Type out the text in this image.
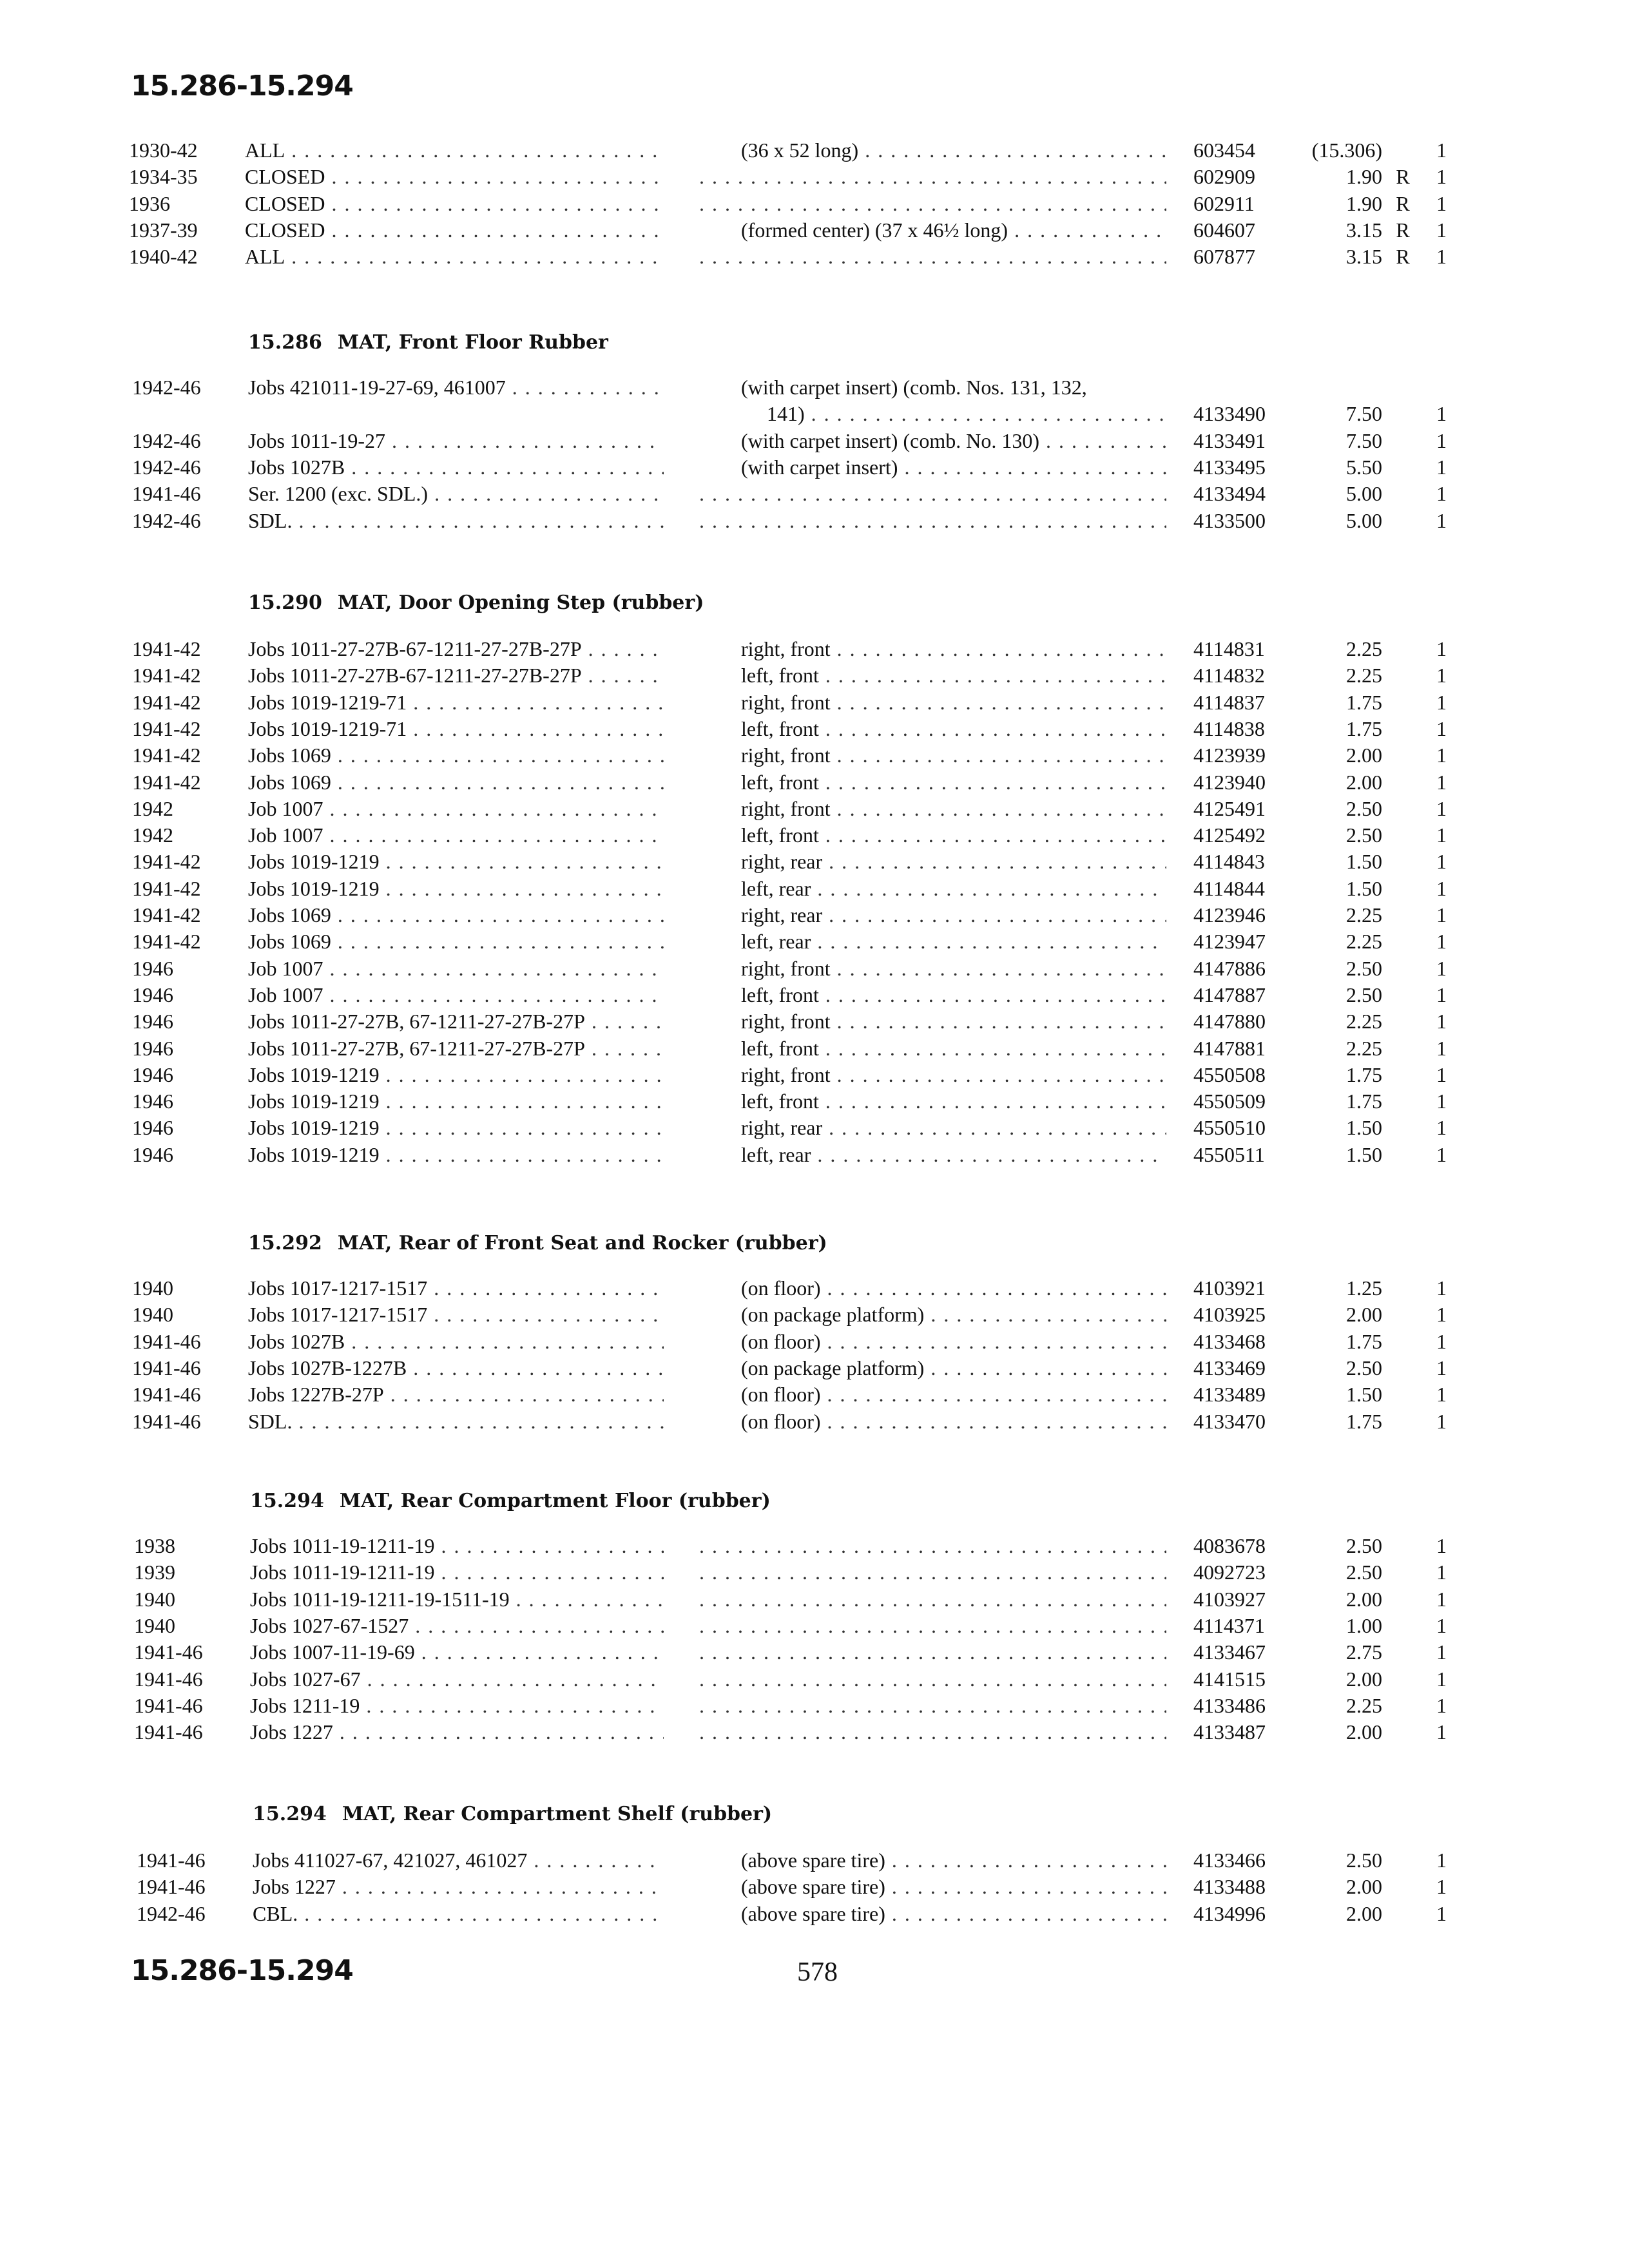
15.286-15.294
1930-42 ALL . . .	(36 x 52 long) . . .	603454	(15.306)	1
1934-35 CLOSED . . . . . .	602909	1.90 R	1
1936	CLOSED . . . . . .	602911	1.90 R	1
1937-39 CLOSED . . .	(formed center) (37 x 46½ long) . . .	604607	3.15 R	1
1940-42 ALL . . . . . .	607877	3.15 R	1
15.286 MAT, Front Floor Rubber
1942-46 Jobs 421011-19-27-69, 461007 . . .	(with carpet insert) (comb. Nos. 131, 132,
141) . . .	4133490	7.50	1
1942-46 Jobs 1011-19-27 . . .	(with carpet insert) (comb. No. 130) . . .	4133491	7.50	1
1942-46 Jobs 1027B . . .	(with carpet insert) . . .	4133495	5.50	1
1941-46 Ser. 1200 (exc. SDL.) . . . . . .	4133494	5.00	1
1942-46 SDL. . . . . . .	4133500	5.00	1
15.290 MAT, Door Opening Step (rubber)
1941-42 Jobs 1011-27-27B-67-1211-27-27B-27P . . .	right, front . . .	4114831	2.25	1
1941-42 Jobs 1011-27-27B-67-1211-27-27B-27P . . .	left, front . . .	4114832	2.25	1
1941-42 Jobs 1019-1219-71 . . .	right, front . . .	4114837	1.75	1
1941-42 Jobs 1019-1219-71 . . .	left, front . . .	4114838	1.75	1
1941-42 Jobs 1069 . . .	right, front . . .	4123939	2.00	1
1941-42 Jobs 1069 . . .	left, front . . .	4123940	2.00	1
1942	Job 1007 . . .	right, front . . .	4125491	2.50	1
1942	Job 1007 . . .	left, front . . .	4125492	2.50	1
1941-42 Jobs 1019-1219 . . .	right, rear . . .	4114843	1.50	1
1941-42 Jobs 1019-1219 . . .	left, rear . . .	4114844	1.50	1
1941-42 Jobs 1069 . . .	right, rear . . .	4123946	2.25	1
1941-42 Jobs 1069 . . .	left, rear . . .	4123947	2.25	1
1946	Job 1007 . . .	right, front . . .	4147886	2.50	1
1946	Job 1007 . . .	left, front . . .	4147887	2.50	1
1946	Jobs 1011-27-27B, 67-1211-27-27B-27P . . .	right, front . . .	4147880	2.25	1
1946	Jobs 1011-27-27B, 67-1211-27-27B-27P . . .	left, front . . .	4147881	2.25	1
1946	Jobs 1019-1219 . . .	right, front . . .	4550508	1.75	1
1946	Jobs 1019-1219 . . .	left, front . . .	4550509	1.75	1
1946	Jobs 1019-1219 . . .	right, rear . . .	4550510	1.50	1
1946	Jobs 1019-1219 . . .	left, rear . . .	4550511	1.50	1
15.292 MAT, Rear of Front Seat and Rocker (rubber)
1940	Jobs 1017-1217-1517 . . .	(on floor) . . .	4103921	1.25	1
1940	Jobs 1017-1217-1517 . . .	(on package platform) . . .	4103925	2.00	1
1941-46 Jobs 1027B . . .	(on floor) . . .	4133468	1.75	1
1941-46 Jobs 1027B-1227B . . .	(on package platform) . . .	4133469	2.50	1
1941-46 Jobs 1227B-27P . . .	(on floor) . . .	4133489	1.50	1
1941-46 SDL. . . .	(on floor) . . .	4133470	1.75	1
15.294 MAT, Rear Compartment Floor (rubber)
1938	Jobs 1011-19-1211-19 . . . . . .	4083678	2.50	1
1939	Jobs 1011-19-1211-19 . . . . . .	4092723	2.50	1
1940	Jobs 1011-19-1211-19-1511-19 . . . . . .	4103927	2.00	1
1940	Jobs 1027-67-1527 . . . . . .	4114371	1.00	1
1941-46 Jobs 1007-11-19-69 . . . . . .	4133467	2.75	1
1941-46 Jobs 1027-67 . . . . . .	4141515	2.00	1
1941-46 Jobs 1211-19 . . . . . .	4133486	2.25	1
1941-46 Jobs 1227 . . . . . .	4133487	2.00	1
15.294 MAT, Rear Compartment Shelf (rubber)
1941-46 Jobs 411027-67, 421027, 461027 . . .	(above spare tire) . . .	4133466	2.50	1
1941-46 Jobs 1227 . . .	(above spare tire) . . .	4133488	2.00	1
1942-46 CBL. . . .	(above spare tire) . . .	4134996	2.00	1
15.286-15.294	578
